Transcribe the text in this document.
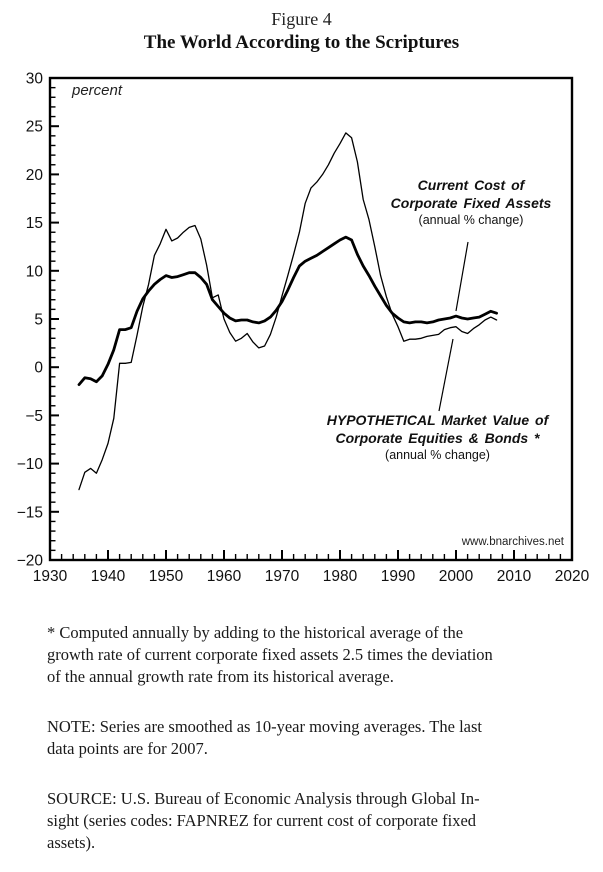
Figure 4
The World According to the Scriptures
30
25
20
15
10
5
0
−5
−10
−15
−20
1930 1940 1950 1960 1970 1980 1990 2000 2010 2020
percent
Current Cost of
Corporate Fixed Assets
(annual % change)
HYPOTHETICAL Market Value of
Corporate Equities & Bonds *
(annual % change)
www.bnarchives.net
* Computed annually by adding to the historical average of the
growth rate of current corporate fixed assets 2.5 times the deviation
of the annual growth rate from its historical average.
NOTE: Series are smoothed as 10-year moving averages. The last
data points are for 2007.
SOURCE: U.S. Bureau of Economic Analysis through Global In-
sight (series codes: FAPNREZ for current cost of corporate fixed
assets).
